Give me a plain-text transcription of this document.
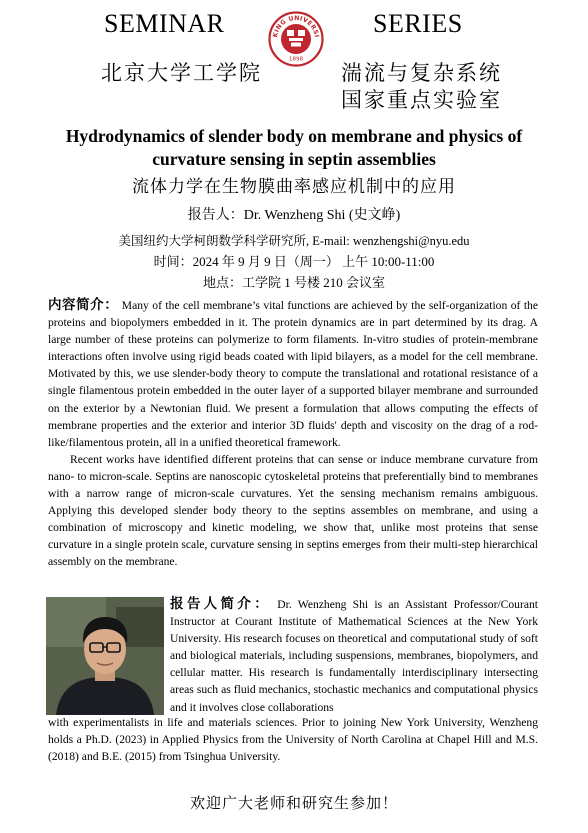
SEMINAR	SERIES
KING UNIVERSI
1898
北京大学工学院	湍流与复杂系统
国家重点实验室
Hydrodynamics of slender body on membrane and physics of curvature sensing in septin assemblies
流体力学在生物膜曲率感应机制中的应用
报告人：Dr. Wenzheng Shi (史文峥)
美国纽约大学柯朗数学科学研究所, E-mail: wenzhengshi@nyu.edu
时间：2024 年 9 月 9 日（周一） 上午 10:00-11:00
地点：工学院 1 号楼 210 会议室
内容简介： Many of the cell membrane’s vital functions are achieved by the self-organization of the proteins and biopolymers embedded in it. The protein dynamics are in part determined by its drag. A large number of these proteins can polymerize to form filaments. In-vitro studies of protein-membrane interactions often involve using rigid beads coated with lipid bilayers, as a model for the cell membrane. Motivated by this, we use slender-body theory to compute the translational and rotational resistance of a single filamentous protein embedded in the outer layer of a supported bilayer membrane and surrounded on the exterior by a Newtonian fluid. We present a formulation that allows computing the effects of membrane properties and the exterior and interior 3D fluids' depth and viscosity on the drag of a rod-like/filamentous protein, all in a unified theoretical framework.
Recent works have identified different proteins that can sense or induce membrane curvature from nano- to micron-scale. Septins are nanoscopic cytoskeletal proteins that preferentially bind to membranes with a narrow range of micron-scale curvatures. Yet the sensing mechanism remains ambiguous. Applying this developed slender body theory to the septins assembles on membrane, and using a combination of microscopy and kinetic modeling, we show that, unlike most proteins that sense curvature in a single protein scale, curvature sensing in septins emerges from their multi-step hierarchical assembly on the membrane.
报告人简介： Dr. Wenzheng Shi is an Assistant Professor/Courant Instructor at Courant Institute of Mathematical Sciences at the New York University. His research focuses on theoretical and computational study of soft and biological materials, including suspensions, membranes, biopolymers, and cellular matter. His research is fundamentally interdisciplinary intersecting areas such as fluid mechanics, stochastic mechanics and computational physics and it involves close collaborations
with experimentalists in life and materials sciences. Prior to joining New York University, Wenzheng holds a Ph.D. (2023) in Applied Physics from the University of North Carolina at Chapel Hill and M.S. (2018) and B.E. (2015) from Tsinghua University.
欢迎广大老师和研究生参加！
